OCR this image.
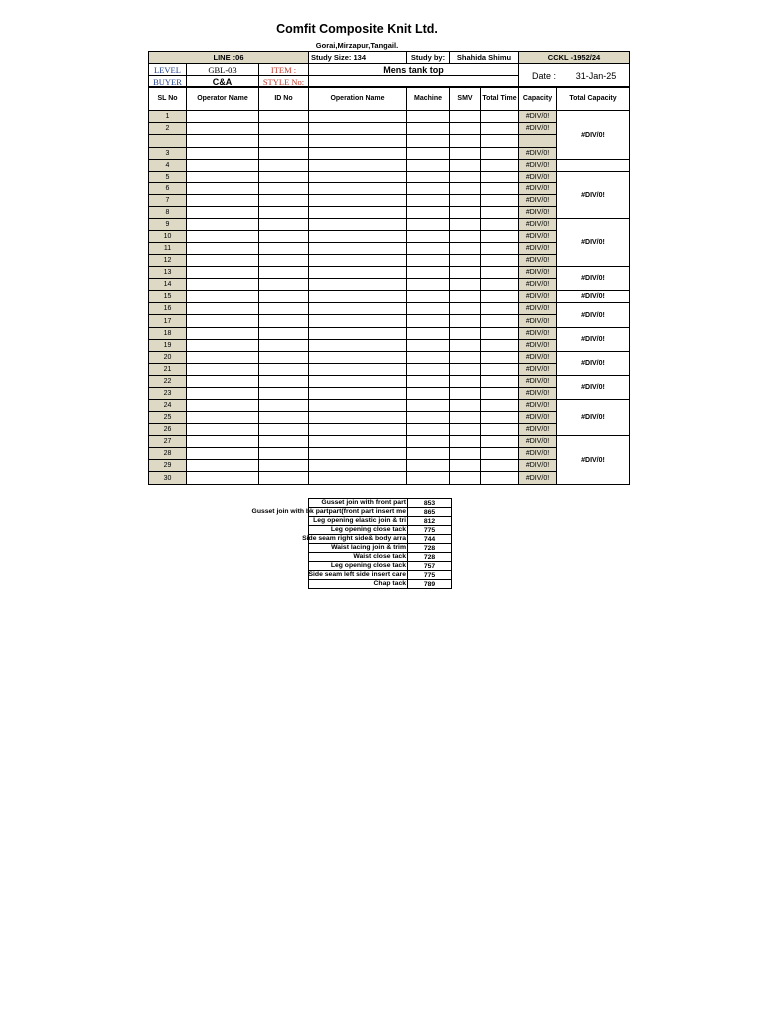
Comfit Composite Knit Ltd.
Gorai,Mirzapur,Tangail.
LINE :06			Study Size: 134	Study by:	Shahida Shimu	CCKL -1952/24
LEVEL	GBL-03	ITEM :	Mens tank top			Date : 31-Jan-25
BUYER	C&A	STYLE No:				
SL No	Operator Name	ID No	Operation Name	Machine	SMV	Total Time	Capacity	Total Capacity
1							#DIV/0!	#DIV/0!
2							#DIV/0!	

3							#DIV/0!	
4							#DIV/0!	
5							#DIV/0!	#DIV/0!
6							#DIV/0!	
7							#DIV/0!	
8							#DIV/0!	
9							#DIV/0!	#DIV/0!
10							#DIV/0!	
11							#DIV/0!	
12							#DIV/0!	
13							#DIV/0!	#DIV/0!
14							#DIV/0!	
15							#DIV/0!	#DIV/0!
16							#DIV/0!	#DIV/0!
17							#DIV/0!	
18							#DIV/0!	#DIV/0!
19							#DIV/0!	
20							#DIV/0!	#DIV/0!
21							#DIV/0!	
22							#DIV/0!	#DIV/0!
23							#DIV/0!	
24							#DIV/0!	#DIV/0!
25							#DIV/0!	
26							#DIV/0!	
27							#DIV/0!	#DIV/0!
28							#DIV/0!	
29							#DIV/0!	
30							#DIV/0!	
Gusset join with front part	853
Gusset join with bk partpart(front part insert me	865
Leg opening elastic join & tri	812
Leg opening close tack	775
Side seam right side& body arra	744
Waist lacing join & trim	728
Waist close tack	728
Leg opening close tack	757
Side seam left side insert care	775
Chap tack	789
